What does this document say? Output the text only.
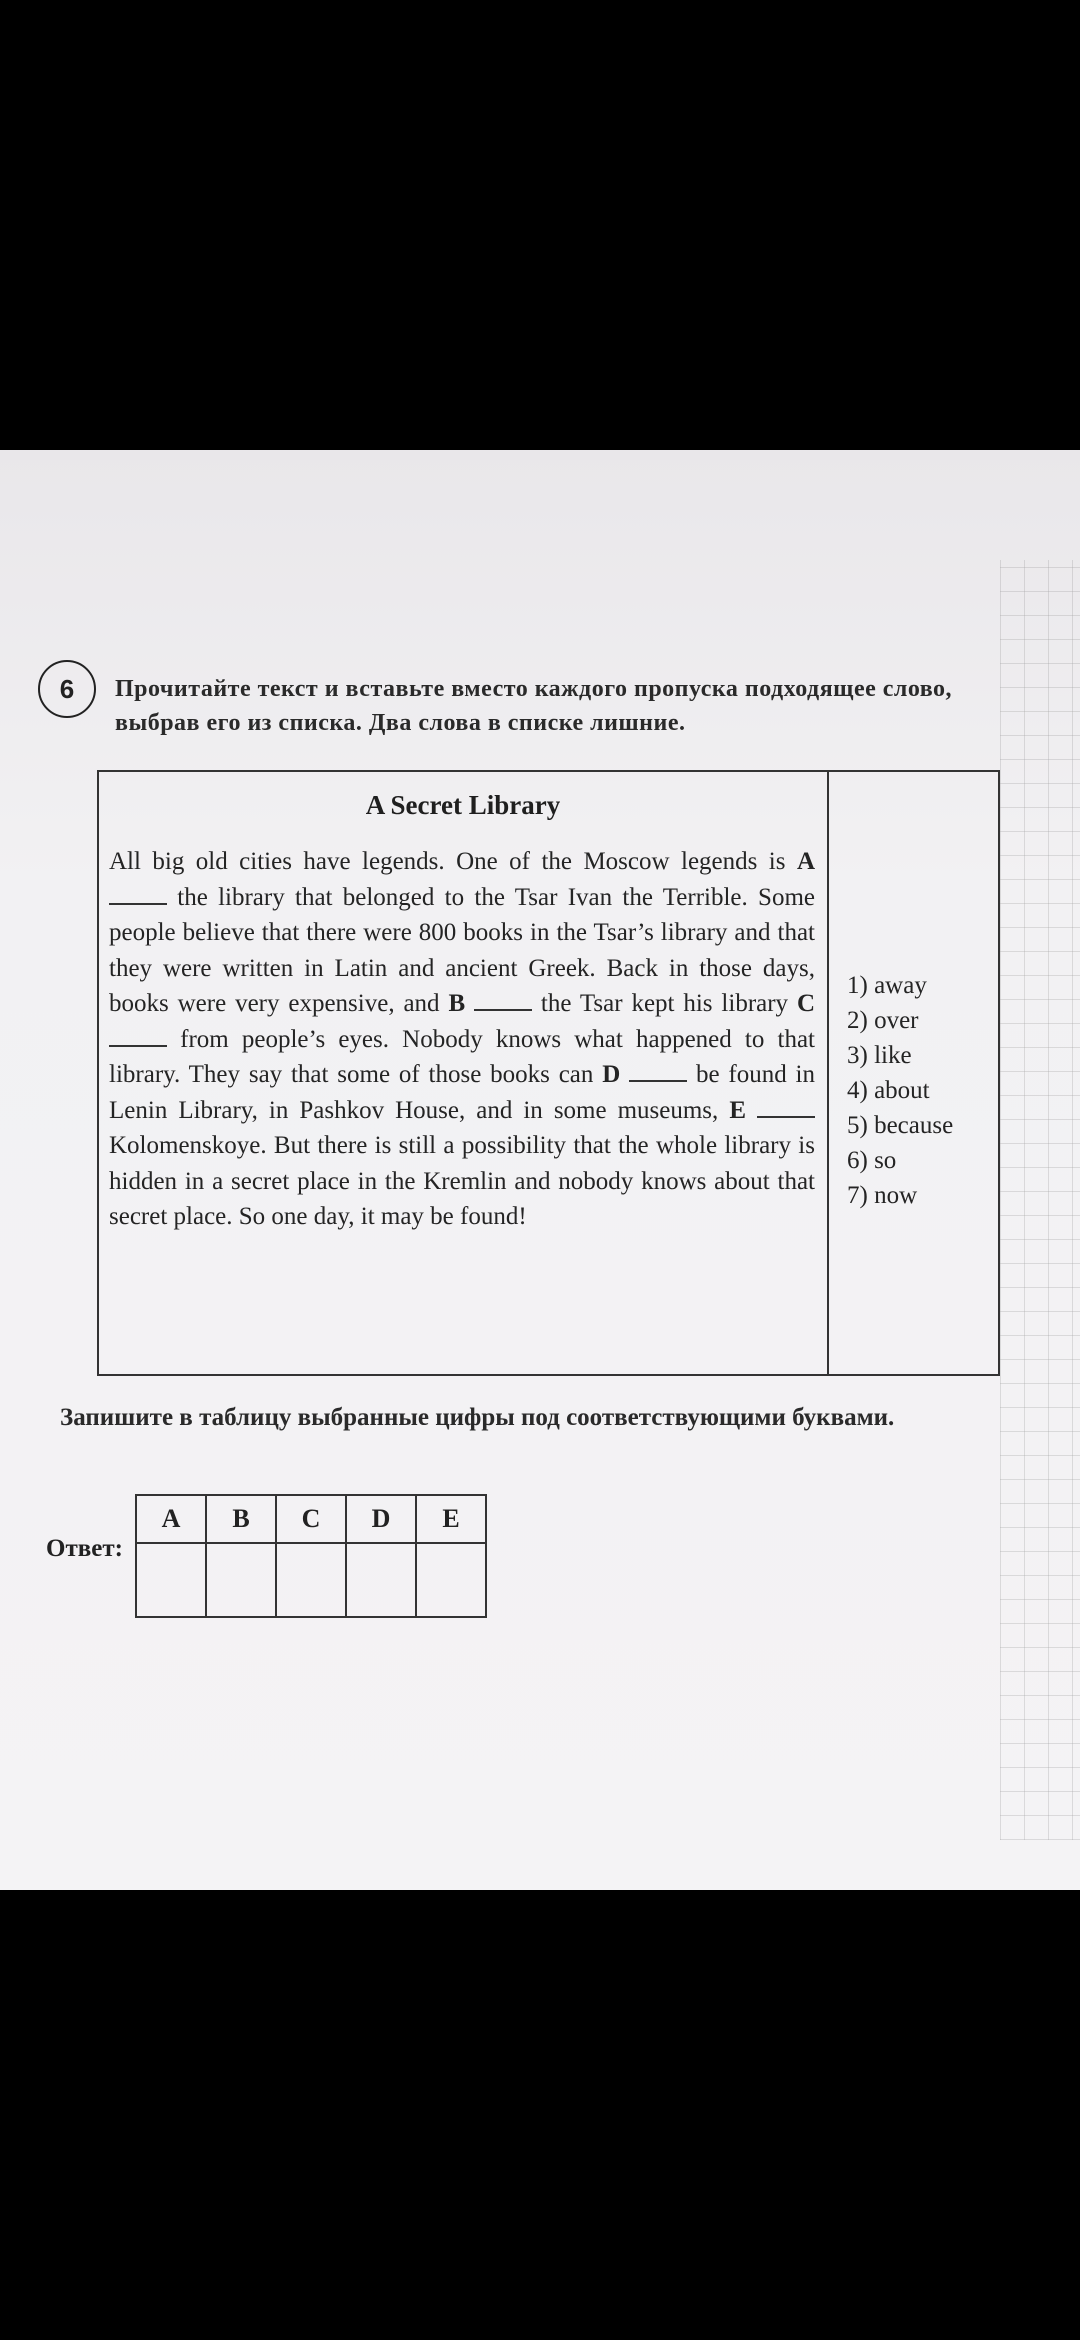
6	Прочитайте текст и вставьте вместо каждого пропуска подходящее слово, выбрав его из списка. Два слова в списке лишние.
A Secret Library
All big old cities have legends. One of the Moscow legends is A  the library that belonged to the Tsar Ivan the Terrible. Some people believe that there were 800 books in the Tsar’s library and that they were written in Latin and ancient Greek. Back in those days, books were very expensive, and B	the Tsar kept his library C  from people’s eyes. Nobody knows what happened to that library. They say that some of those books can D	be found in Lenin Library, in Pashkov House, and in some museums, E  Kolomenskoye. But there is still a possibility that the whole library is hidden in a secret place in the Kremlin and nobody knows about that secret place. So one day, it may be found!
1) away
2) over
3) like
4) about
5) because
6) so
7) now
Запишите в таблицу выбранные цифры под соответствующими буквами.
Ответ:
A	B	C	D	E
